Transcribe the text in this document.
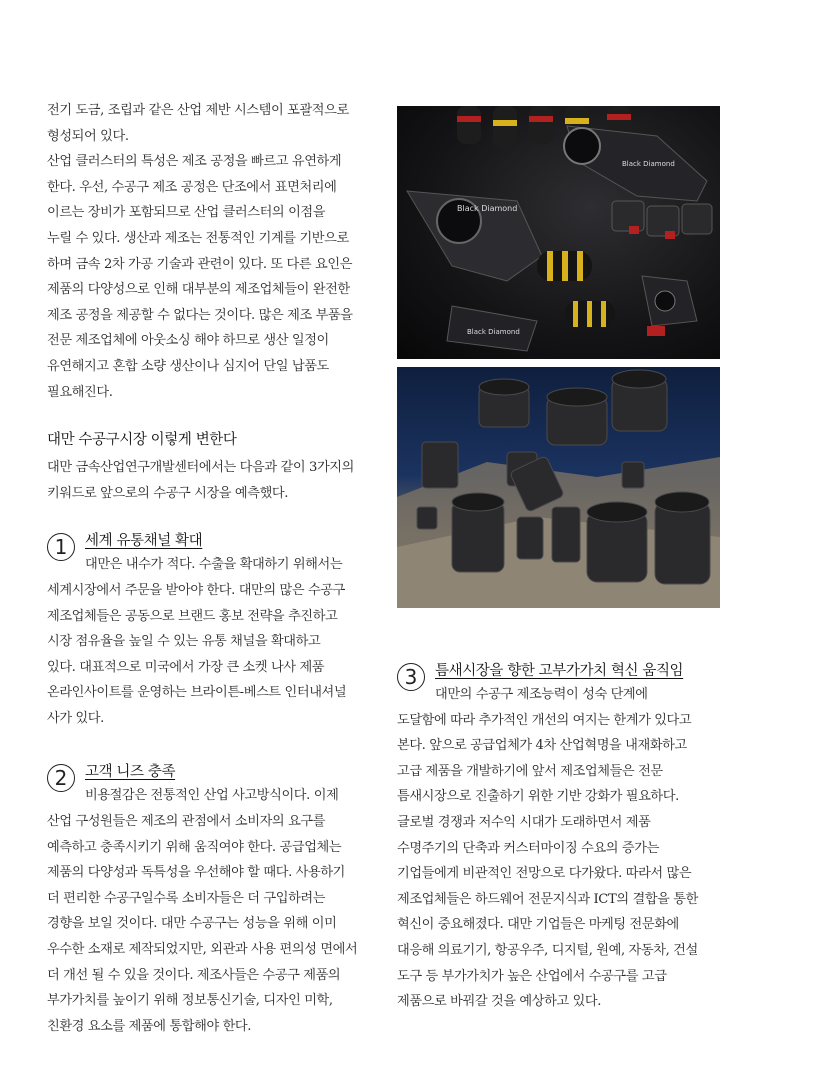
전기 도금, 조립과 같은 산업 제반 시스템이 포괄적으로
형성되어 있다.
산업 클러스터의 특성은 제조 공정을 빠르고 유연하게
한다. 우선, 수공구 제조 공정은 단조에서 표면처리에
이르는 장비가 포함되므로 산업 클러스터의 이점을
누릴 수 있다. 생산과 제조는 전통적인 기계를 기반으로
하며 금속 2차 가공 기술과 관련이 있다. 또 다른 요인은
제품의 다양성으로 인해 대부분의 제조업체들이 완전한
제조 공정을 제공할 수 없다는 것이다. 많은 제조 부품을
전문 제조업체에 아웃소싱 해야 하므로 생산 일정이
유연해지고 혼합 소량 생산이나 심지어 단일 납품도
필요해진다.

대만 수공구시장 이렇게 변한다

대만 금속산업연구개발센터에서는 다음과 같이 3가지의
키워드로 앞으로의 수공구 시장을 예측했다.

1	세계 유통채널 확대

대만은 내수가 적다. 수출을 확대하기 위해서는
세계시장에서 주문을 받아야 한다. 대만의 많은 수공구
제조업체들은 공동으로 브랜드 홍보 전략을 추진하고
시장 점유율을 높일 수 있는 유통 채널을 확대하고
있다. 대표적으로 미국에서 가장 큰 소켓 나사 제품
온라인사이트를 운영하는 브라이튼-베스트 인터내셔널
사가 있다.

2	고객 니즈 충족

비용절감은 전통적인 산업 사고방식이다. 이제
산업 구성원들은 제조의 관점에서 소비자의 요구를
예측하고 충족시키기 위해 움직여야 한다. 공급업체는
제품의 다양성과 독특성을 우선해야 할 때다. 사용하기
더 편리한 수공구일수록 소비자들은 더 구입하려는
경향을 보일 것이다. 대만 수공구는 성능을 위해 이미
우수한 소재로 제작되었지만, 외관과 사용 편의성 면에서
더 개선 될 수 있을 것이다. 제조사들은 수공구 제품의
부가가치를 높이기 위해 정보통신기술, 디자인 미학,
친환경 요소를 제품에 통합해야 한다.

Black Diamond
Black Diamond
Black Diamond
3	틈새시장을 향한 고부가가치 혁신 움직임

대만의 수공구 제조능력이 성숙 단계에
도달함에 따라 추가적인 개선의 여지는 한계가 있다고
본다. 앞으로 공급업체가 4차 산업혁명을 내재화하고
고급 제품을 개발하기에 앞서 제조업체들은 전문
틈새시장으로 진출하기 위한 기반 강화가 필요하다.
글로벌 경쟁과 저수익 시대가 도래하면서 제품
수명주기의 단축과 커스터마이징 수요의 증가는
기업들에게 비관적인 전망으로 다가왔다. 따라서 많은
제조업체들은 하드웨어 전문지식과 ICT의 결합을 통한
혁신이 중요해졌다. 대만 기업들은 마케팅 전문화에
대응해 의료기기, 항공우주, 디지털, 원예, 자동차, 건설
도구 등 부가가치가 높은 산업에서 수공구를 고급
제품으로 바꿔갈 것을 예상하고 있다.
